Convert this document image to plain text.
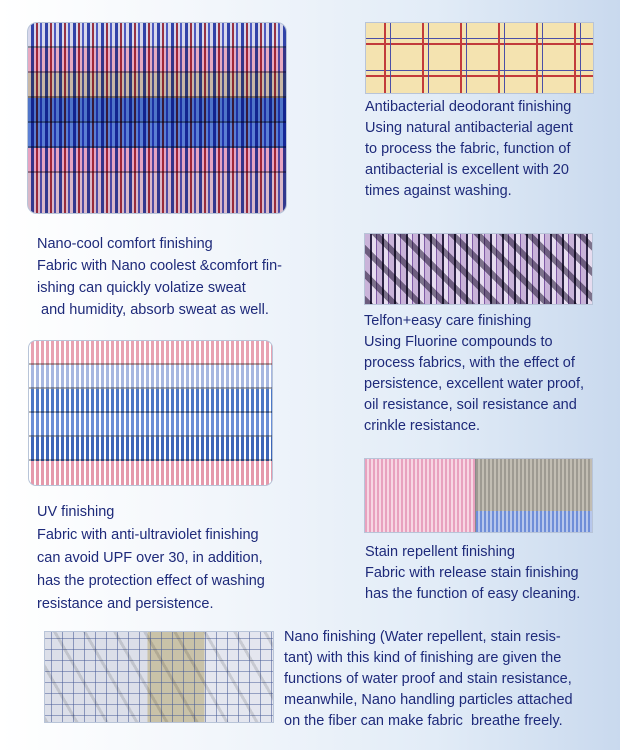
Antibacterial deodorant finishing
Using natural antibacterial agent
to process the fabric, function of
antibacterial is excellent with 20
times against washing.
Nano-cool comfort finishing
Fabric with Nano coolest &comfort fin-
ishing can quickly volatize sweat
and humidity, absorb sweat as well.
Telfon+easy care finishing
Using Fluorine compounds to
process fabrics, with the effect of
persistence, excellent water proof,
oil resistance, soil resistance and
crinkle resistance.
UV finishing
Fabric with anti-ultraviolet finishing
can avoid UPF over 30, in addition,
has the protection effect of washing
resistance and persistence.
Stain repellent finishing
Fabric with release stain finishing
has the function of easy cleaning.
Nano finishing (Water repellent, stain resis-
tant) with this kind of finishing are given the
functions of water proof and stain resistance,
meanwhile, Nano handling particles attached
on the fiber can make fabric  breathe freely.
